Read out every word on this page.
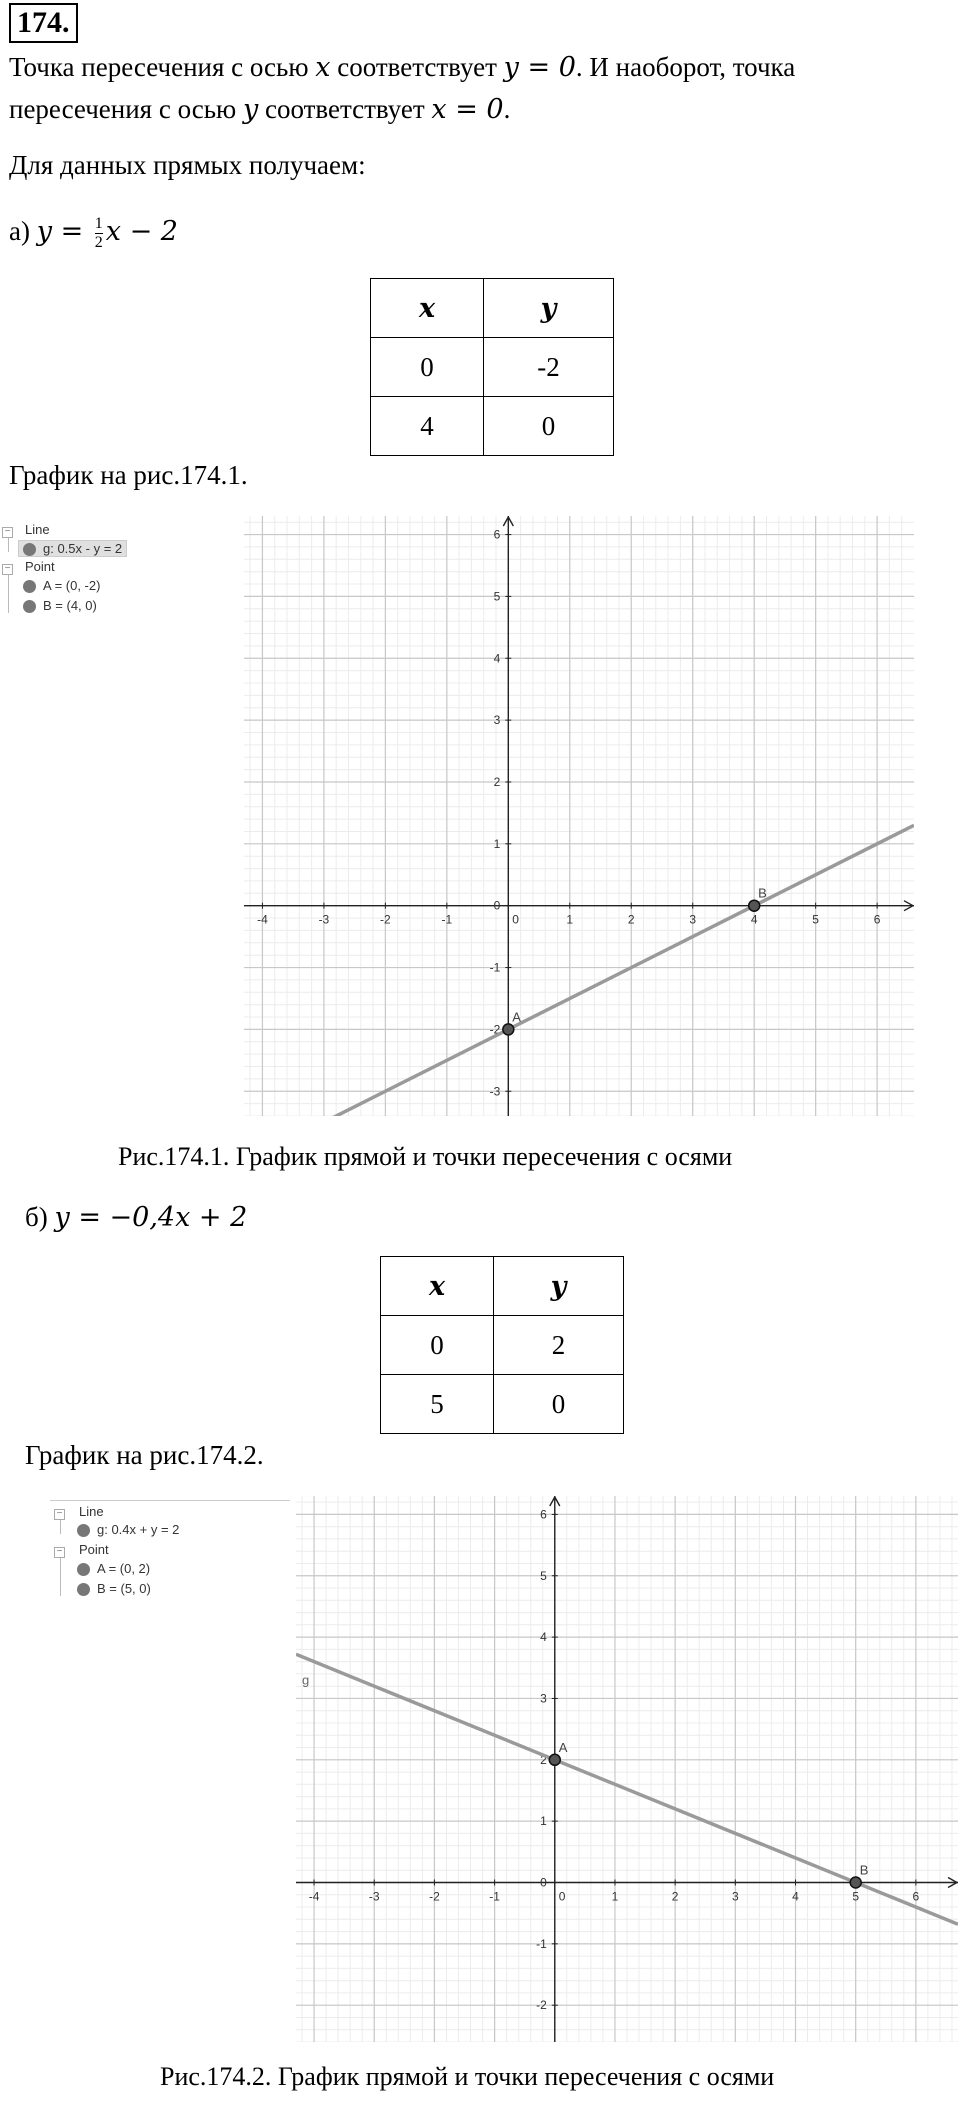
174.
Точка пересечения с осью x соответствует y = 0. И наоборот, точка
пересечения с осью y соответствует x = 0.
Для данных прямых получаем:
а) $y = \frac{1}{2}$ x − 2
x	y
0	-2
4	0
График на рис.174.1.
− Line
g: 0.5x - y = 2
− Point
A = (0, -2)
B = (4, 0)
-4	-3	-2	-1	1	2	3	4	5	6
-3
-2
-1
0
1
2
3
4
5
6
0
A
B
Рис.174.1. График прямой и точки пересечения с осями
б) y = −0,4x + 2
x	y
0	2
5	0
График на рис.174.2.
− Line
g: 0.4x + y = 2
− Point
A = (0, 2)
B = (5, 0)
-4	-3	-2	-1	1	2	3	4	5	6
-2
-1
0
1
2
3
4
5
6
0
g
A
B
Рис.174.2. График прямой и точки пересечения с осями
